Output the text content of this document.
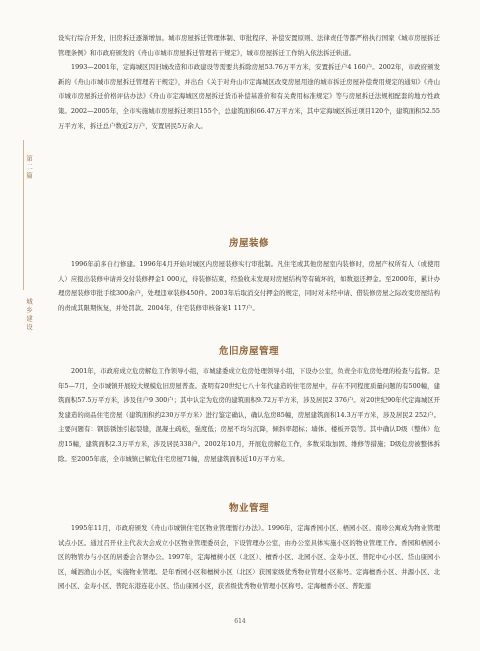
第二篇
城乡建设

设实行综合开发，旧房拆迁逐渐增加。城市房屋拆迁管理体制、审批程序、补偿安置原则、法律责任等都严格执行国家《城市房屋拆迁管理条例》和市政府颁发的《舟山市城市房屋拆迁管理若干规定》，城市房屋拆迁工作纳入依法拆迁轨道。

1993—2001年，定海城区因旧城改造和市政建设等需要共拆除房屋53.76万平方米，安置拆迁户4 160户。2002年，市政府颁发新的《舟山市城市房屋拆迁管理若干规定》，并出台《关于对舟山市定海城区改变房屋用途的城市拆迁房屋补偿费用规定的通知》《舟山市城市房屋拆迁价格评估办法》《舟山市定海城区房屋拆迁货币补偿基准价和有关费用标准规定》等与房屋拆迁法规相配套的地方性政策。2002—2005年，全市实施城市房屋拆迁项目155个，总建筑面积66.47万平方米，其中定海城区拆迁项目120个，建筑面积52.55万平方米，拆迁总户数近2万户，安置居民5万余人。

房屋装修

1996年前多自行修建。1996年4月开始对城区内房屋装修实行审批制。凡住宅或其他房屋室内装修时，房屋产权所有人（或使用人）应报出装修申请并交付装修押金1 000元，待装修结束，经验收未发现对房屋结构等有破坏的，如数退还押金。至2000年，累计办理房屋装修审批手续300余户，处理违章装修450件。2003年后取消交付押金的规定，同时对未经申请、借装修房屋之际改变房屋结构的责成其限期恢复，并处罚款。2004年，住宅装修审核备案1 117户。

危旧房屋管理

2001年，市政府成立危房解危工作领导小组，市城建委成立危房处理领导小组，下设办公室，负责全市危房处理的检查与监督。是年5—7月，全市城镇开展较大规模危旧房屋普查。查明有20世纪七八十年代建造的住宅房屋中，存在不同程度质量问题的有500幢，建筑面积57.5万平方米，涉及住户9 300户；其中认定为危房的建筑面积9.72万平方米，涉及居民2 376户。对20世纪90年代定海城区开发建造的商品住宅房屋（建筑面积约230万平方米）进行鉴定确认，确认危房85幢，房屋建筑面积14.3万平方米，涉及居民2 252户。主要问题有：钢筋锈蚀引起裂缝，混凝土疏松，强度低；房屋不均匀沉降，倾斜率超标；墙体、楼板开裂等。其中确认D级（整体）危房15幢，建筑面积2.3万平方米，涉及居民338户。2002年10月，开展危房解危工作，多数采取加固、维修等措施；D级危房被整体拆除。至2005年底，全市城镇已解危住宅房屋71幢，房屋建筑面积近10万平方米。

物业管理

1995年11月，市政府颁发《舟山市城镇住宅区物业管理暂行办法》。1996年，定海香园小区、梧园小区、南珍公寓成为物业管理试点小区。通过召开业主代表大会成立小区物业管理委员会，下设管理办公室，由办公室具体实施小区的物业管理工作。香园和梧园小区的物管办与小区的居委会合署办公。1997年，定海檀树小区（北区）、檀香小区、北园小区、金寿小区、普陀中心小区、岱山康园小区，嵊泗渔山小区，实施物业管理。是年香园小区和檀树小区（北区）获国家级优秀物业管理小区称号。定海檀香小区、井源小区、北园小区、金寿小区、普陀东港连花小区、岱山康园小区，获省级优秀物业管理小区称号。定海檀香小区、普陀莲

614
